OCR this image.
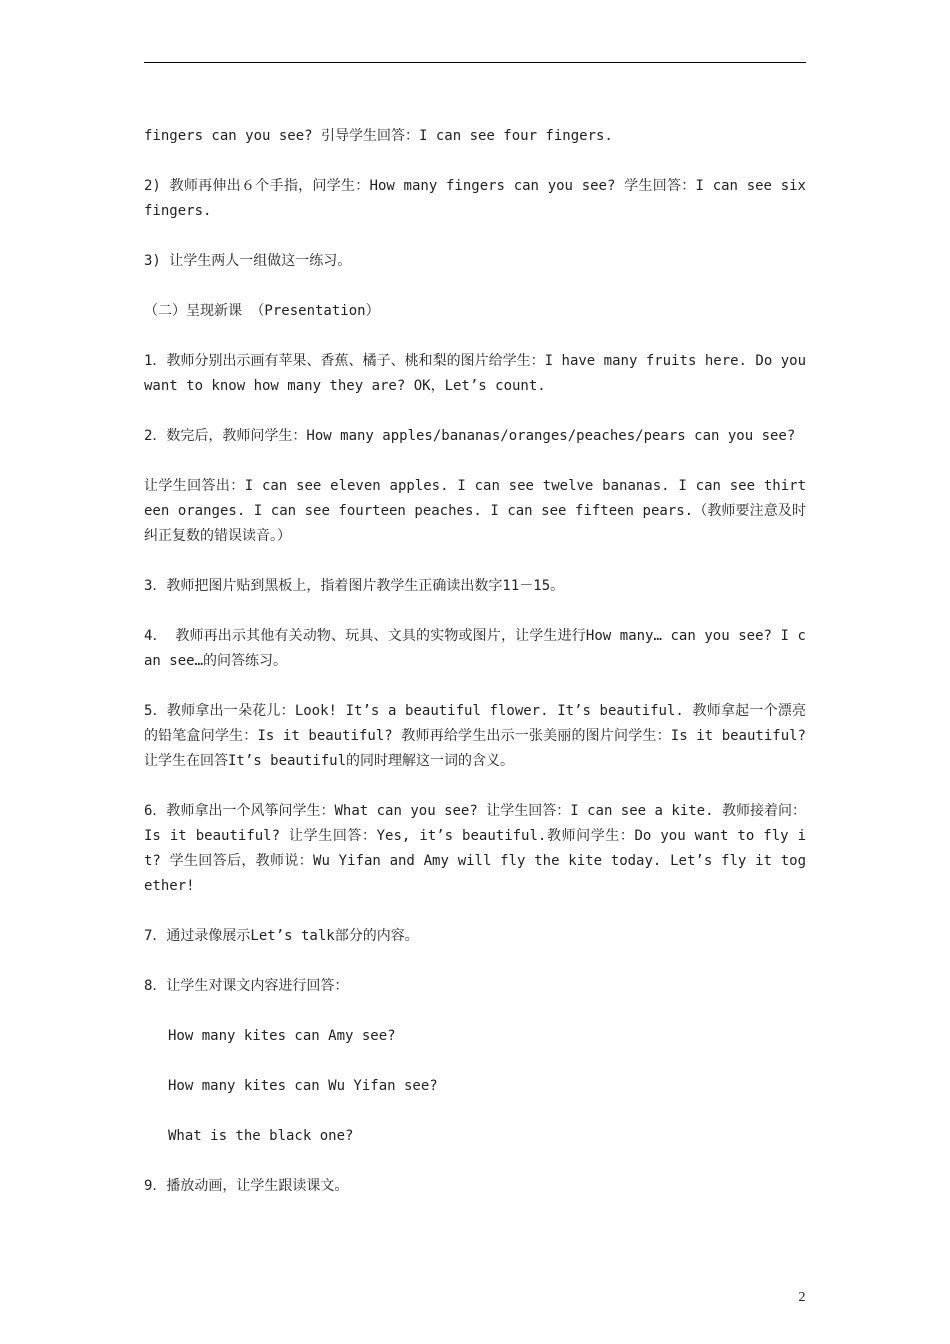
fingers can you see? 引导学生回答：I can see four fingers.

2) 教师再伸出６个手指，问学生：How many fingers can you see? 学生回答：I can see six fingers.

3) 让学生两人一组做这一练习。

（二）呈现新课 （Presentation）

1．教师分别出示画有苹果、香蕉、橘子、桃和梨的图片给学生：I have many fruits here. Do you want to know how many they are? OK，Let’s count.

2．数完后，教师问学生：How many apples/bananas/oranges/peaches/pears can you see?

让学生回答出：I can see eleven apples. I can see twelve bananas. I can see thirteen oranges. I can see fourteen peaches. I can see fifteen pears.（教师要注意及时纠正复数的错误读音。）

3．教师把图片贴到黑板上，指着图片教学生正确读出数字11－15。

4． 教师再出示其他有关动物、玩具、文具的实物或图片，让学生进行How many… can you see? I can see…的问答练习。

5．教师拿出一朵花儿：Look! It’s a beautiful flower. It’s beautiful. 教师拿起一个漂亮的铅笔盒问学生：Is it beautiful? 教师再给学生出示一张美丽的图片问学生：Is it beautiful? 让学生在回答It’s beautiful的同时理解这一词的含义。

6．教师拿出一个风筝问学生：What can you see? 让学生回答：I can see a kite. 教师接着问：Is it beautiful? 让学生回答：Yes, it’s beautiful.教师问学生：Do you want to fly it? 学生回答后，教师说：Wu Yifan and Amy will fly the kite today. Let’s fly it together!

7．通过录像展示Let’s talk部分的内容。

8．让学生对课文内容进行回答：

How many kites can Amy see?

How many kites can Wu Yifan see?

What is the black one?

9．播放动画，让学生跟读课文。

2
